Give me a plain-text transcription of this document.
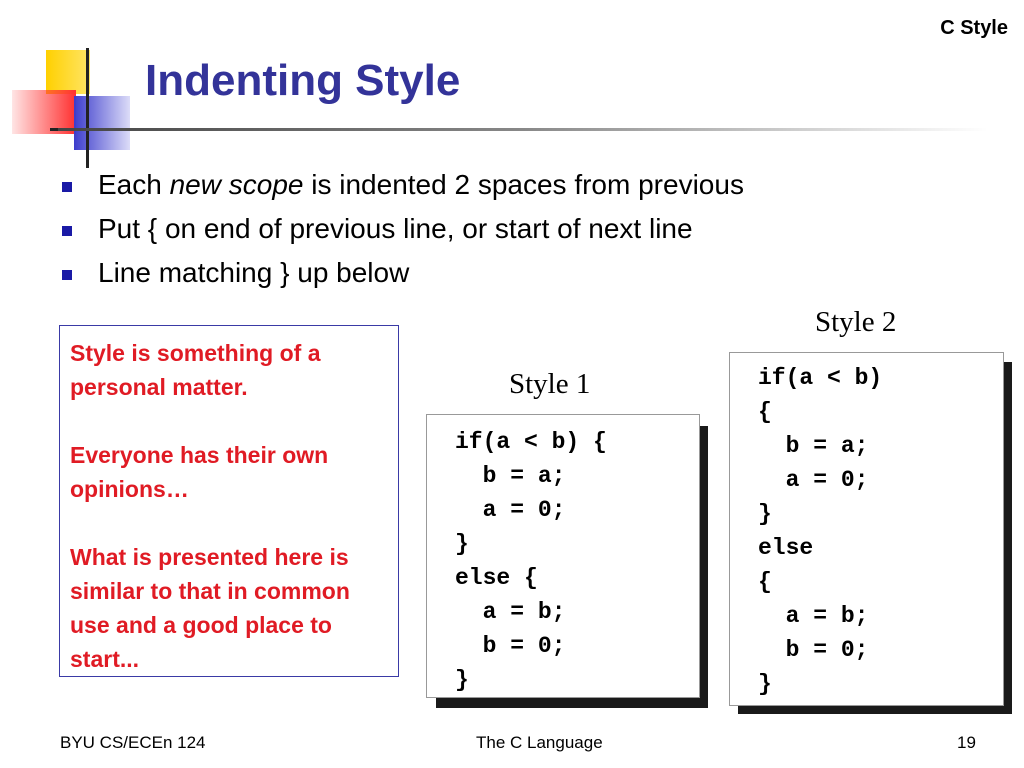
C Style
Indenting Style
Each new scope is indented 2 spaces from previous
Put { on end of previous line, or start of next line
Line matching } up below

Style is something of a personal matter.

Everyone has their own opinions…

What is presented here is similar to that in common use and a good place to start...

Style 1
if(a < b) {
b = a;
a = 0;
}
else {
a = b;
b = 0;
}
Style 2
if(a < b)
{
b = a;
a = 0;
}
else
{
a = b;
b = 0;
}
BYU CS/ECEn 124	The C Language	19
